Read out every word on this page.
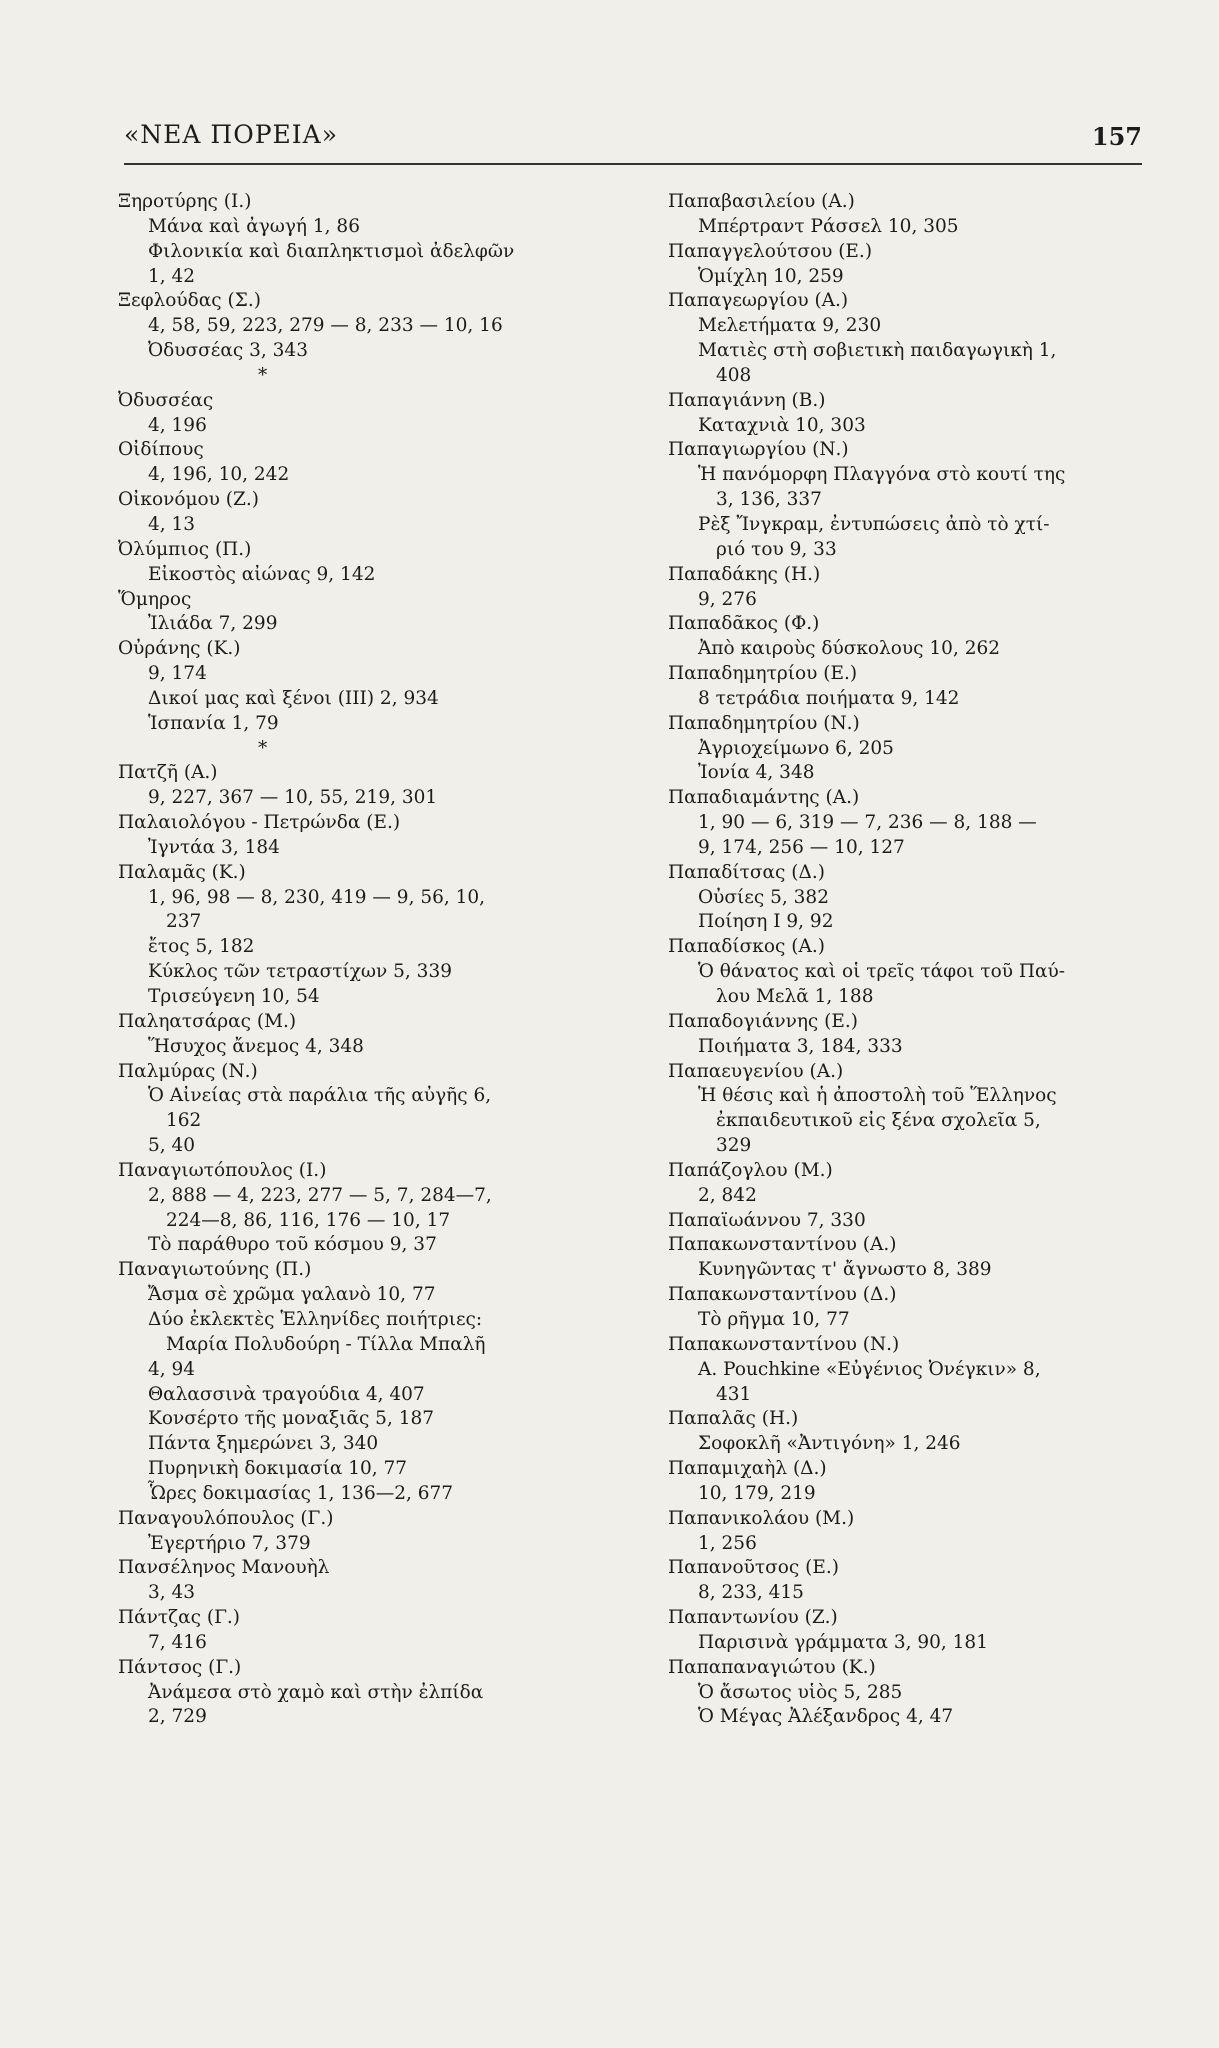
«ΝΕΑ ΠΟΡΕΙΑ»	157
Ξηροτύρης (Ι.)
Μάνα καὶ ἀγωγή 1, 86
Φιλονικία καὶ διαπληκτισμοὶ ἀδελφῶν
1, 42
Ξεφλούδας (Σ.)
4, 58, 59, 223, 279 — 8, 233 — 10, 16
Ὀδυσσέας 3, 343
*
Ὀδυσσέας
4, 196
Οἰδίπους
4, 196, 10, 242
Οἰκονόμου (Ζ.)
4, 13
Ὀλύμπιος (Π.)
Εἰκοστὸς αἰώνας 9, 142
Ὅμηρος
Ἰλιάδα 7, 299
Οὐράνης (Κ.)
9, 174
Δικοί μας καὶ ξένοι (ΙΙΙ) 2, 934
Ἱσπανία 1, 79
*
Πατζῆ (Α.)
9, 227, 367 — 10, 55, 219, 301
Παλαιολόγου - Πετρώνδα (Ε.)
Ἰγντάα 3, 184
Παλαμᾶς (Κ.)
1, 96, 98 — 8, 230, 419 — 9, 56, 10,
237
ἔτος 5, 182
Κύκλος τῶν τετραστίχων 5, 339
Τρισεύγενη 10, 54
Παληατσάρας (Μ.)
Ἥσυχος ἄνεμος 4, 348
Παλμύρας (Ν.)
Ὁ Αἰνείας στὰ παράλια τῆς αὐγῆς 6,
162
5, 40
Παναγιωτόπουλος (Ι.)
2, 888 — 4, 223, 277 — 5, 7, 284—7,
224—8, 86, 116, 176 — 10, 17
Τὸ παράθυρο τοῦ κόσμου 9, 37
Παναγιωτούνης (Π.)
Ἄσμα σὲ χρῶμα γαλανὸ 10, 77
Δύο ἐκλεκτὲς Ἑλληνίδες ποιήτριες:
Μαρία Πολυδούρη - Τίλλα Μπαλῆ
4, 94
Θαλασσινὰ τραγούδια 4, 407
Κονσέρτο τῆς μοναξιᾶς 5, 187
Πάντα ξημερώνει 3, 340
Πυρηνικὴ δοκιμασία 10, 77
Ὧρες δοκιμασίας 1, 136—2, 677
Παναγουλόπουλος (Γ.)
Ἐγερτήριο 7, 379
Πανσέληνος Μανουὴλ
3, 43
Πάντζας (Γ.)
7, 416
Πάντσος (Γ.)
Ἀνάμεσα στὸ χαμὸ καὶ στὴν ἐλπίδα
2, 729
Παπαβασιλείου (Α.)
Μπέρτραντ Ράσσελ 10, 305
Παπαγγελούτσου (Ε.)
Ὁμίχλη 10, 259
Παπαγεωργίου (Α.)
Μελετήματα 9, 230
Ματιὲς στὴ σοβιετικὴ παιδαγωγικὴ 1,
408
Παπαγιάννη (Β.)
Καταχνιὰ 10, 303
Παπαγιωργίου (Ν.)
Ἡ πανόμορφη Πλαγγόνα στὸ κουτί της
3, 136, 337
Ρὲξ Ἴνγκραμ, ἐντυπώσεις ἀπὸ τὸ χτί-
ριό του 9, 33
Παπαδάκης (Η.)
9, 276
Παπαδᾶκος (Φ.)
Ἀπὸ καιροὺς δύσκολους 10, 262
Παπαδημητρίου (Ε.)
8 τετράδια ποιήματα 9, 142
Παπαδημητρίου (Ν.)
Ἀγριοχείμωνο 6, 205
Ἰονία 4, 348
Παπαδιαμάντης (Α.)
1, 90 — 6, 319 — 7, 236 — 8, 188 —
9, 174, 256 — 10, 127
Παπαδίτσας (Δ.)
Οὐσίες 5, 382
Ποίηση Ι 9, 92
Παπαδίσκος (Α.)
Ὁ θάνατος καὶ οἱ τρεῖς τάφοι τοῦ Παύ-
λου Μελᾶ 1, 188
Παπαδογιάννης (Ε.)
Ποιήματα 3, 184, 333
Παπαευγενίου (Α.)
Ἡ θέσις καὶ ἡ ἀποστολὴ τοῦ Ἕλληνος
ἐκπαιδευτικοῦ εἰς ξένα σχολεῖα 5,
329
Παπάζογλου (Μ.)
2, 842
Παπαϊωάννου 7, 330
Παπακωνσταντίνου (Α.)
Κυνηγῶντας τ' ἄγνωστο 8, 389
Παπακωνσταντίνου (Δ.)
Τὸ ρῆγμα 10, 77
Παπακωνσταντίνου (Ν.)
A. Pouchkine «Εὐγένιος Ὀνέγκιν» 8,
431
Παπαλᾶς (Η.)
Σοφοκλῆ «Ἀντιγόνη» 1, 246
Παπαμιχαὴλ (Δ.)
10, 179, 219
Παπανικολάου (Μ.)
1, 256
Παπανοῦτσος (Ε.)
8, 233, 415
Παπαντωνίου (Ζ.)
Παρισινὰ γράμματα 3, 90, 181
Παπαπαναγιώτου (Κ.)
Ὁ ἄσωτος υἱὸς 5, 285
Ὁ Μέγας Ἀλέξανδρος 4, 47
